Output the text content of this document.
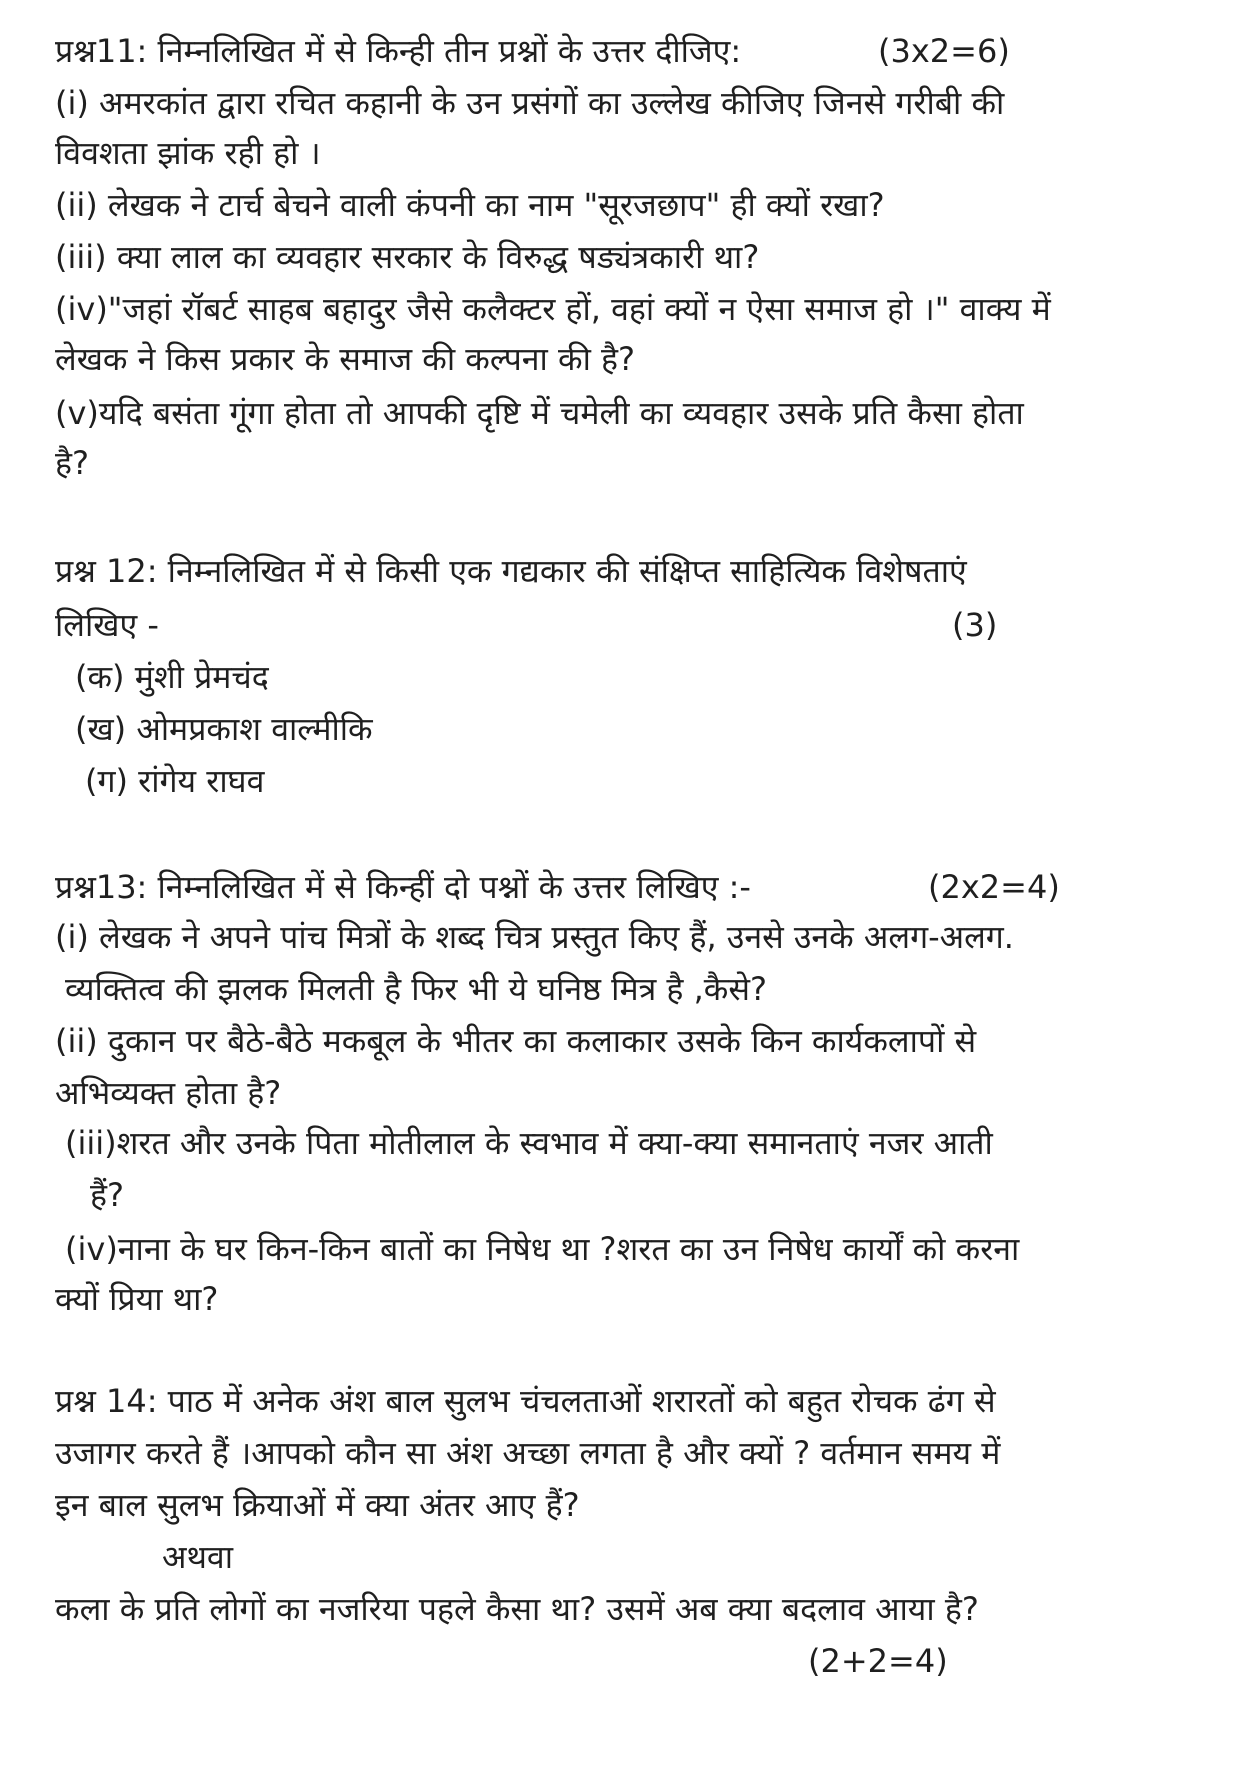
प्रश्न11: निम्नलिखित में से किन्ही तीन प्रश्नों के उत्तर दीजिए:	(3x2=6)
(i) अमरकांत द्वारा रचित कहानी के उन प्रसंगों का उल्लेख कीजिए जिनसे गरीबी की
विवशता झांक रही हो ।
(ii) लेखक ने टार्च बेचने वाली कंपनी का नाम "सूरजछाप" ही क्यों रखा?
(iii) क्या लाल का व्यवहार सरकार के विरुद्ध षड्यंत्रकारी था?
(iv)"जहां रॉबर्ट साहब बहादुर जैसे कलैक्टर हों, वहां क्यों न ऐसा समाज हो ।" वाक्य में
लेखक ने किस प्रकार के समाज की कल्पना की है?
(v)यदि बसंता गूंगा होता तो आपकी दृष्टि में चमेली का व्यवहार उसके प्रति कैसा होता
है?
प्रश्न 12: निम्नलिखित में से किसी एक गद्यकार की संक्षिप्त साहित्यिक विशेषताएं
लिखिए -	(3)
(क) मुंशी प्रेमचंद
(ख) ओमप्रकाश वाल्मीकि
(ग) रांगेय राघव
प्रश्न13: निम्नलिखित में से किन्हीं दो पश्नों के उत्तर लिखिए :-	(2x2=4)
(i) लेखक ने अपने पांच मित्रों के शब्द चित्र प्रस्तुत किए हैं, उनसे उनके अलग-अलग.
व्यक्तित्व की झलक मिलती है फिर भी ये घनिष्ठ मित्र है ,कैसे?
(ii) दुकान पर बैठे-बैठे मकबूल के भीतर का कलाकार उसके किन कार्यकलापों से
अभिव्यक्त होता है?
(iii)शरत और उनके पिता मोतीलाल के स्वभाव में क्या-क्या समानताएं नजर आती
हैं?
(iv)नाना के घर किन-किन बातों का निषेध था ?शरत का उन निषेध कार्यों को करना
क्यों प्रिया था?
प्रश्न 14: पाठ में अनेक अंश बाल सुलभ चंचलताओं शरारतों को बहुत रोचक ढंग से
उजागर करते हैं ।आपको कौन सा अंश अच्छा लगता है और क्यों ? वर्तमान समय में
इन बाल सुलभ क्रियाओं में क्या अंतर आए हैं?
अथवा
कला के प्रति लोगों का नजरिया पहले कैसा था? उसमें अब क्या बदलाव आया है?
(2+2=4)
